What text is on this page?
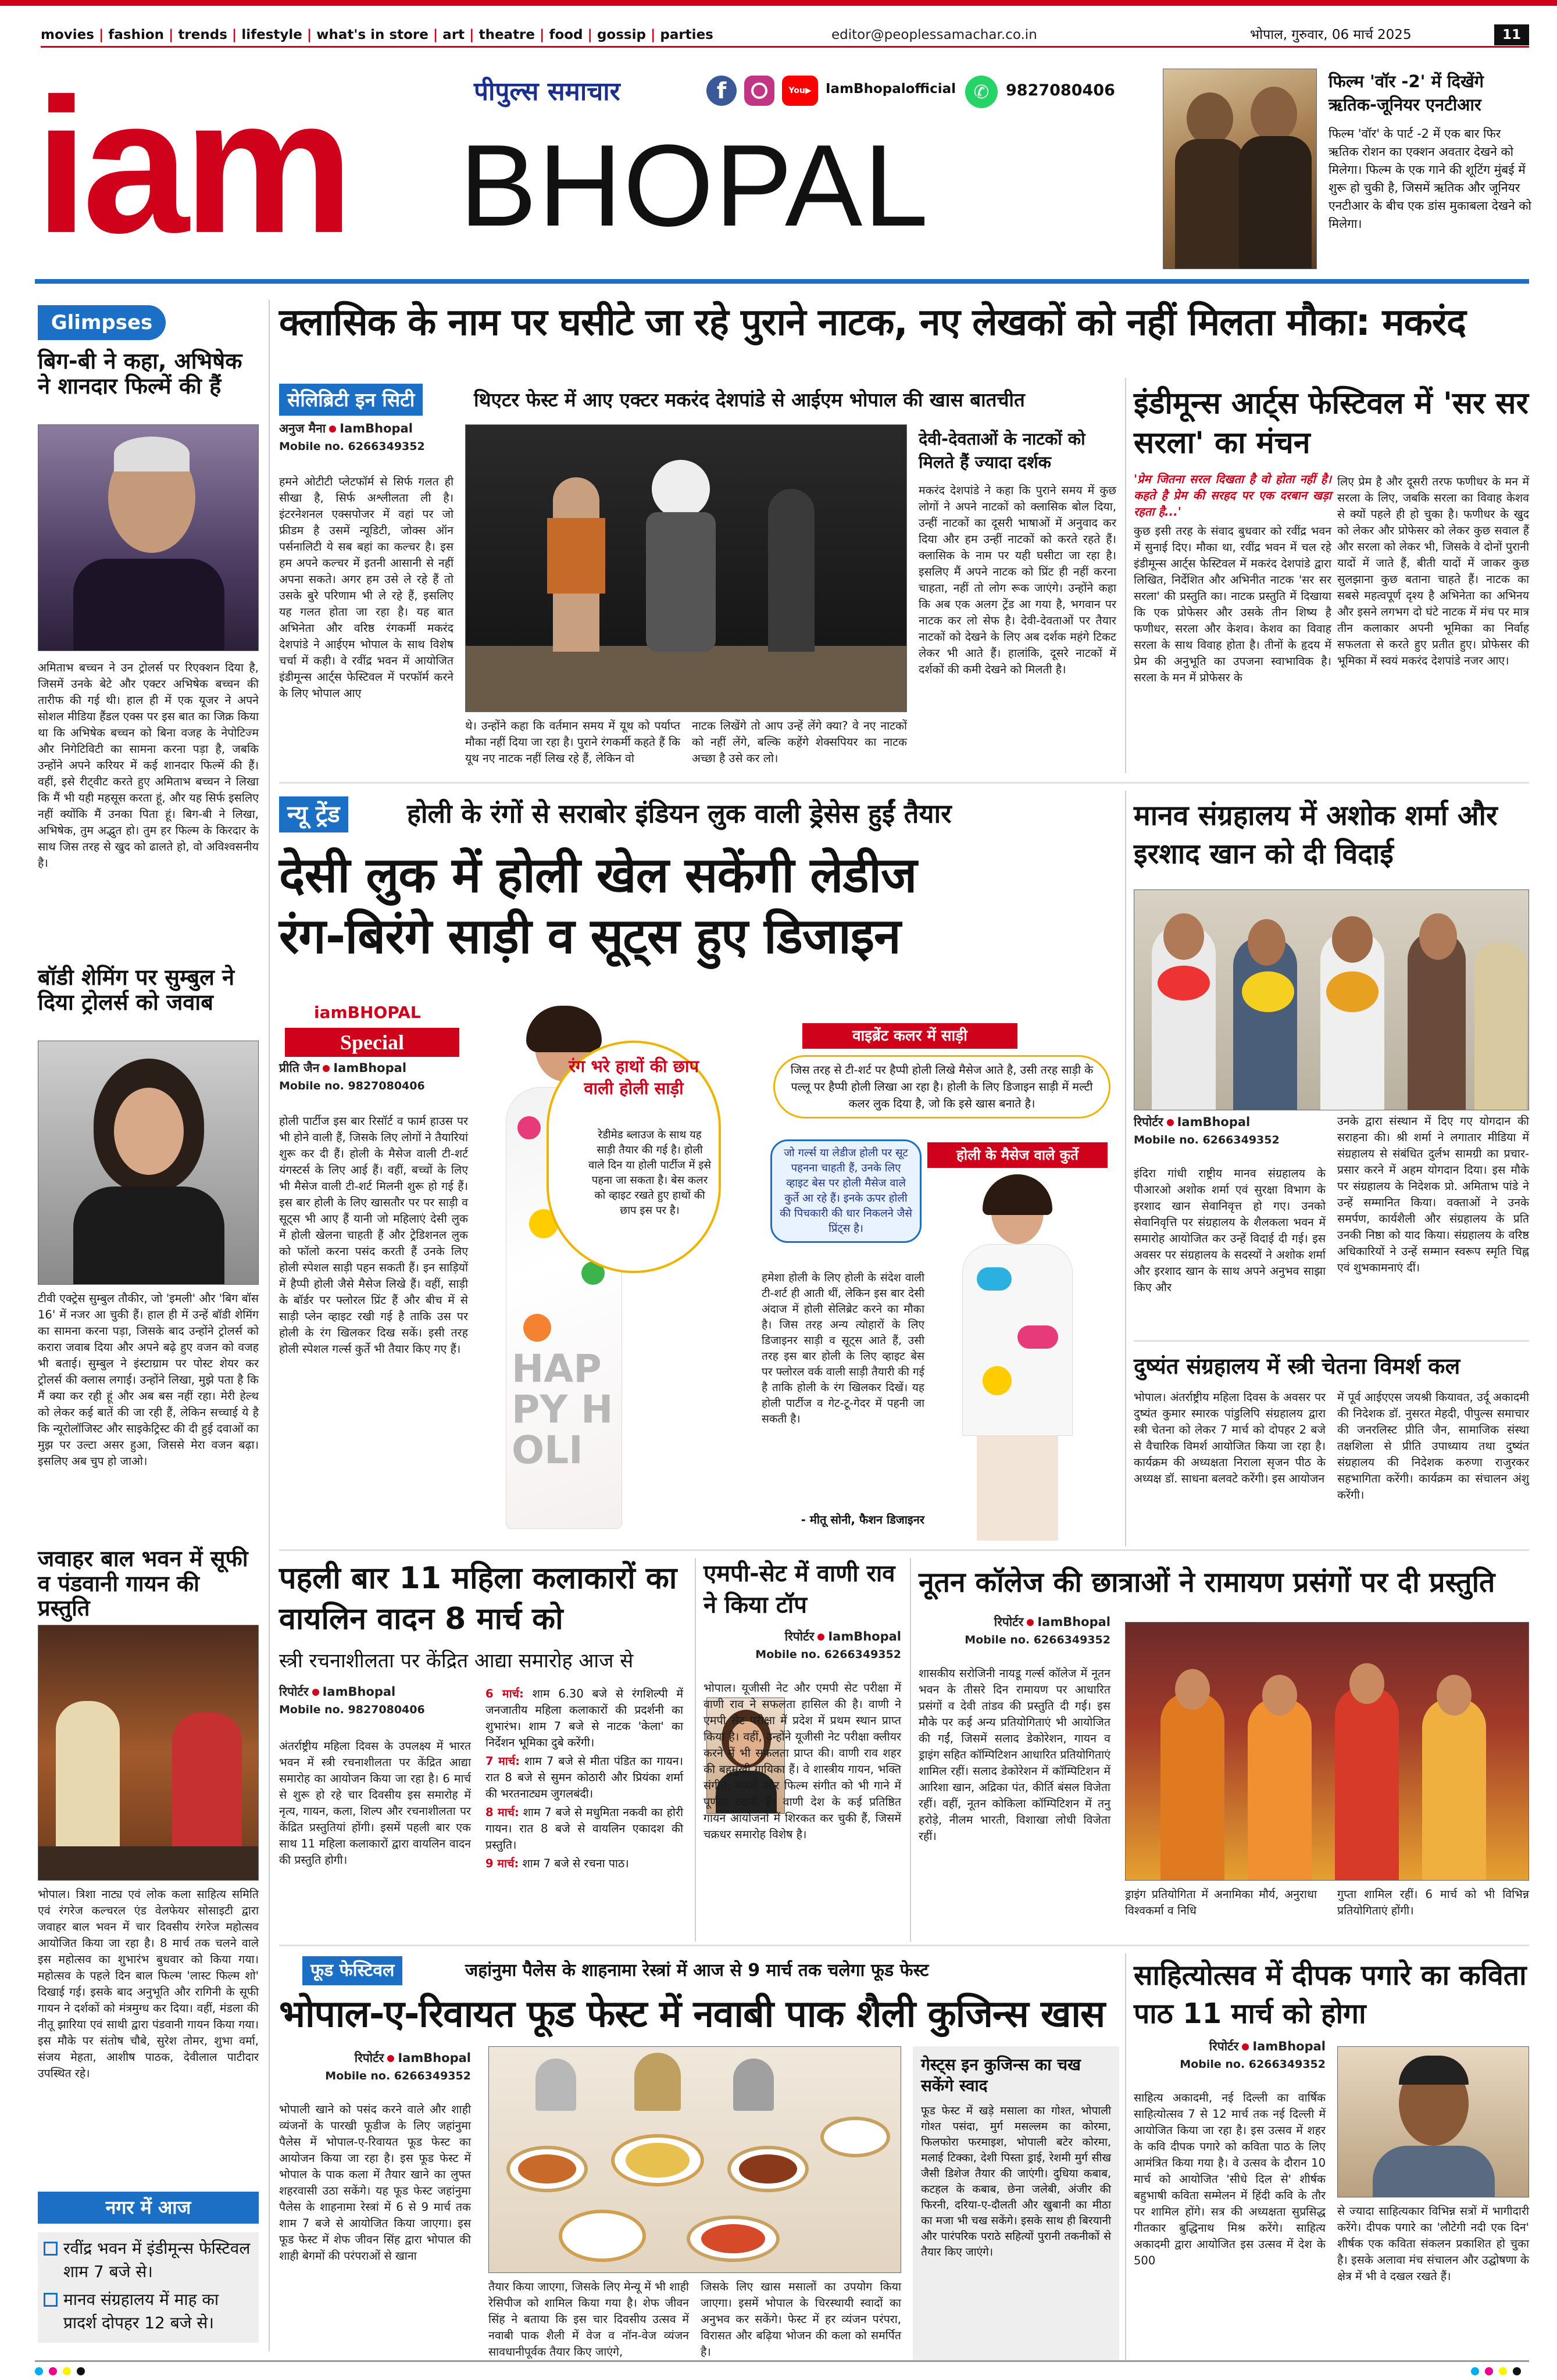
movies | fashion | trends | lifestyle | what's in store | art | theatre | food | gossip | parties	editor@peoplessamachar.co.in	भोपाल, गुरुवार, 06 मार्च 2025	11
iam BHOPAL
पीपुल्स समाचार	f	You▶	IamBhopalofficial ✆	9827080406	फिल्म 'वॉर -2' में दिखेंगे ऋतिक-जूनियर एनटीआर
फिल्म 'वॉर' के पार्ट -2 में एक बार फिर ऋतिक रोशन का एक्शन अवतार देखने को मिलेगा। फिल्म के एक गाने की शूटिंग मुंबई में शुरू हो चुकी है, जिसमें ऋतिक और जूनियर एनटीआर के बीच एक डांस मुकाबला देखने को मिलेगा।
Glimpses
बिग-बी ने कहा, अभिषेक ने शानदार फिल्में की हैं
अमिताभ बच्चन ने उन ट्रोलर्स पर रिएक्शन दिया है, जिसमें उनके बेटे और एक्टर अभिषेक बच्चन की तारीफ की गई थी। हाल ही में एक यूजर ने अपने सोशल मीडिया हैंडल एक्स पर इस बात का जिक्र किया था कि अभिषेक बच्चन को बिना वजह के नेपोटिज्म और निगेटिविटी का सामना करना पड़ा है, जबकि उन्होंने अपने करियर में कई शानदार फिल्में की हैं। वहीं, इसे रीट्वीट करते हुए अमिताभ बच्चन ने लिखा कि मैं भी यही महसूस करता हूं, और यह सिर्फ इसलिए नहीं क्योंकि मैं उनका पिता हूं। बिग-बी ने लिखा, अभिषेक, तुम अद्भुत हो। तुम हर फिल्म के किरदार के साथ जिस तरह से खुद को ढालते हो, वो अविश्वसनीय है।
बॉडी शेमिंग पर सुम्बुल ने दिया ट्रोलर्स को जवाब
टीवी एक्ट्रेस सुम्बुल तौकीर, जो 'इमली' और 'बिग बॉस 16' में नजर आ चुकी हैं। हाल ही में उन्हें बॉडी शेमिंग का सामना करना पड़ा, जिसके बाद उन्होंने ट्रोलर्स को करारा जवाब दिया और अपने बढ़े हुए वजन को वजह भी बताई। सुम्बुल ने इंस्टाग्राम पर पोस्ट शेयर कर ट्रोलर्स की क्लास लगाई। उन्होंने लिखा, मुझे पता है कि मैं क्या कर रही हूं और अब बस नहीं रहा। मेरी हेल्थ को लेकर कई बातें की जा रही हैं, लेकिन सच्चाई ये है कि न्यूरोलॉजिस्ट और साइकेट्रिस्ट की दी हुई दवाओं का मुझ पर उल्टा असर हुआ, जिससे मेरा वजन बढ़ा। इसलिए अब चुप हो जाओ।
जवाहर बाल भवन में सूफी व पंडवानी गायन की प्रस्तुति
भोपाल। त्रिशा नाट्य एवं लोक कला साहित्य समिति एवं रंगरेज कल्चरल एंड वेलफेयर सोसाइटी द्वारा जवाहर बाल भवन में चार दिवसीय रंगरेज महोत्सव आयोजित किया जा रहा है। 8 मार्च तक चलने वाले इस महोत्सव का शुभारंभ बुधवार को किया गया। महोत्सव के पहले दिन बाल फिल्म 'लास्ट फिल्म शो' दिखाई गई। इसके बाद अनुभूति और रागिनी के सूफी गायन ने दर्शकों को मंत्रमुग्ध कर दिया। वहीं, मंडला की नीतू झारिया एवं साथी द्वारा पंडवानी गायन किया गया। इस मौके पर संतोष चौबे, सुरेश तोमर, शुभा वर्मा, संजय मेहता, आशीष पाठक, देवीलाल पाटीदार उपस्थित रहे।
नगर में आज
रवींद्र भवन में इंडीमून्स फेस्टिवल शाम 7 बजे से।
मानव संग्रहालय में माह का प्रादर्श दोपहर 12 बजे से।
क्लासिक के नाम पर घसीटे जा रहे पुराने नाटक, नए लेखकों को नहीं मिलता मौका: मकरंद
सेलिब्रिटी इन सिटी	थिएटर फेस्ट में आए एक्टर मकरंद देशपांडे से आईएम भोपाल की खास बातचीत
अनुज मैना IamBhopal
Mobile no. 6266349352
हमने ओटीटी प्लेटफॉर्म से सिर्फ गलत ही सीखा है, सिर्फ अश्लीलता ली है। इंटरनेशनल एक्सपोजर में वहां पर जो फ्रीडम है उसमें न्यूडिटी, जोक्स ऑन पर्सनालिटी ये सब बहां का कल्चर है। इस हम अपने कल्चर में इतनी आसानी से नहीं अपना सकते। अगर हम उसे ले रहे हैं तो उसके बुरे परिणाम भी ले रहे हैं, इसलिए यह गलत होता जा रहा है। यह बात अभिनेता और वरिष्ठ रंगकर्मी मकरंद देशपांडे ने आईएम भोपाल के साथ विशेष चर्चा में कही। वे रवींद्र भवन में आयोजित इंडीमून्स आर्ट्स फेस्टिवल में परफॉर्म करने के लिए भोपाल आए
थे। उन्होंने कहा कि वर्तमान समय में यूथ को पर्याप्त मौका नहीं दिया जा रहा है। पुराने रंगकर्मी कहते हैं कि यूथ नए नाटक नहीं लिख रहे हैं, लेकिन वो
नाटक लिखेंगे तो आप उन्हें लेंगे क्या? वे नए नाटकों को नहीं लेंगे, बल्कि कहेंगे शेक्सपियर का नाटक अच्छा है उसे कर लो।
देवी-देवताओं के नाटकों को मिलते हैं ज्यादा दर्शक
मकरंद देशपांडे ने कहा कि पुराने समय में कुछ लोगों ने अपने नाटकों को क्लासिक बोल दिया, उन्हीं नाटकों का दूसरी भाषाओं में अनुवाद कर दिया और हम उन्हीं नाटकों को करते रहते हैं। क्लासिक के नाम पर यही घसीटा जा रहा है। इसलिए मैं अपने नाटक को प्रिंट ही नहीं करना चाहता, नहीं तो लोग रूक जाएंगे। उन्होंने कहा कि अब एक अलग ट्रेंड आ गया है, भगवान पर नाटक कर लो सेफ है। देवी-देवताओं पर तैयार नाटकों को देखने के लिए अब दर्शक महंगे टिकट लेकर भी आते हैं। हालांकि, दूसरे नाटकों में दर्शकों की कमी देखने को मिलती है।
इंडीमून्स आर्ट्स फेस्टिवल में 'सर सर सरला' का मंचन
'प्रेम जितना सरल दिखता है वो होता नहीं है। कहते है प्रेम की सरहद पर एक दरबान खड़ा रहता है...'
कुछ इसी तरह के संवाद बुधवार को रवींद्र भवन में सुनाई दिए। मौका था, रवींद्र भवन में चल रहे इंडीमून्स आर्ट्स फेस्टिवल में मकरंद देशपांडे द्वारा लिखित, निर्देशित और अभिनीत नाटक 'सर सर सरला' की प्रस्तुति का। नाटक प्रस्तुति में दिखाया कि एक प्रोफेसर और उसके तीन शिष्य है फणीधर, सरला और केशव। केशव का विवाह सरला के साथ विवाह होता है। तीनों के हृदय में प्रेम की अनुभूति का उपजना स्वाभाविक है। सरला के मन में प्रोफेसर के
लिए प्रेम है और दूसरी तरफ फणीधर के मन में सरला के लिए, जबकि सरला का विवाह केशव से क्यों पहले ही हो चुका है। फणीधर के खुद को लेकर और प्रोफेसर को लेकर कुछ सवाल हैं और सरला को लेकर भी, जिसके वे दोनों पुरानी यादों में जाते हैं, बीती यादों में जाकर कुछ सुलझाना कुछ बताना चाहते हैं। नाटक का सबसे महत्वपूर्ण दृश्य है अभिनेता का अभिनय और इसने लगभग दो घंटे नाटक में मंच पर मात्र तीन कलाकार अपनी भूमिका का निर्वाह सफलता से करते हुए प्रतीत हुए। प्रोफेसर की भूमिका में स्वयं मकरंद देशपांडे नजर आए।
न्यू ट्रेंड	होली के रंगों से सराबोर इंडियन लुक वाली ड्रेसेस हुईं तैयार
देसी लुक में होली खेल सकेंगी लेडीज
रंग-बिरंगे साड़ी व सूट्स हुए डिजाइन
iamBHOPAL
Special
प्रीति जैन IamBhopal
Mobile no. 9827080406
होली पार्टीज इस बार रिसॉर्ट व फार्म हाउस पर भी होने वाली हैं, जिसके लिए लोगों ने तैयारियां शुरू कर दी हैं। होली के मैसेज वाली टी-शर्ट यंगस्टर्स के लिए आई हैं। वहीं, बच्चों के लिए भी मैसेज वाली टी-शर्ट मिलनी शुरू हो गई हैं। इस बार होली के लिए खासतौर पर पर साड़ी व सूट्स भी आए हैं यानी जो महिलाएं देसी लुक में होली खेलना चाहती हैं और ट्रेडिशनल लुक को फॉलो करना पसंद करती हैं उनके लिए होली स्पेशल साड़ी पहन सकती हैं। इन साड़ियों में हैप्पी होली जैसे मैसेज लिखे हैं। वहीं, साड़ी के बॉर्डर पर फ्लोरल प्रिंट हैं और बीच में से साड़ी प्लेन व्हाइट रखी गई है ताकि उस पर होली के रंग खिलकर दिख सकें। इसी तरह होली स्पेशल गर्ल्स कुर्ते भी तैयार किए गए हैं। HAPPY HOLI
रंग भरे हाथों की छाप वाली होली साड़ी
रेडीमेड ब्लाउज के साथ यह साड़ी तैयार की गई है। होली वाले दिन या होली पार्टीज में इसे पहना जा सकता है। बेस कलर को व्हाइट रखते हुए हाथों की छाप इस पर है।
वाइब्रेंट कलर में साड़ी
जिस तरह से टी-शर्ट पर हैप्पी होली लिखे मैसेज आते है, उसी तरह साड़ी के पल्लू पर हैप्पी होली लिखा आ रहा है। होली के लिए डिजाइन साड़ी में मल्टी कलर लुक दिया है, जो कि इसे खास बनाते है।
जो गर्ल्स या लेडीज होली पर सूट पहनना चाहती हैं, उनके लिए व्हाइट बेस पर होली मैसेज वाले कुर्ते आ रहे हैं। इनके ऊपर होली की पिचकारी की धार निकलने जैसे प्रिंट्स है।
होली के मैसेज वाले कुर्ते
हमेशा होली के लिए होली के संदेश वाली टी-शर्ट ही आती थीं, लेकिन इस बार देसी अंदाज में होली सेलिब्रेट करने का मौका है। जिस तरह अन्य त्योहारों के लिए डिजाइनर साड़ी व सूट्स आते हैं, उसी तरह इस बार होली के लिए व्हाइट बेस पर फ्लोरल वर्क वाली साड़ी तैयारी की गई है ताकि होली के रंग खिलकर दिखें। यह होली पार्टीज व गेट-टू-गेदर में पहनी जा सकती है।
- मीतू सोनी, फैशन डिजाइनर
मानव संग्रहालय में अशोक शर्मा और इरशाद खान को दी विदाई
रिपोर्टर IamBhopal
Mobile no. 6266349352
इंदिरा गांधी राष्ट्रीय मानव संग्रहालय के पीआरओ अशोक शर्मा एवं सुरक्षा विभाग के इरशाद खान सेवानिवृत्त हो गए। उनको सेवानिवृत्ति पर संग्रहालय के शैलकला भवन में समारोह आयोजित कर उन्हें विदाई दी गई। इस अवसर पर संग्रहालय के सदस्यों ने अशोक शर्मा और इरशाद खान के साथ अपने अनुभव साझा किए और
उनके द्वारा संस्थान में दिए गए योगदान की सराहना की। श्री शर्मा ने लगातार मीडिया में संग्रहालय से संबंधित दुर्लभ सामग्री का प्रचार-प्रसार करने में अहम योगदान दिया। इस मौके पर संग्रहालय के निदेशक प्रो. अमिताभ पांडे ने उन्हें सम्मानित किया। वक्ताओं ने उनके समर्पण, कार्यशैली और संग्रहालय के प्रति उनकी निष्ठा को याद किया। संग्रहालय के वरिष्ठ अधिकारियों ने उन्हें सम्मान स्वरूप स्मृति चिह्न एवं शुभकामनाएं दीं।
दुष्यंत संग्रहालय में स्त्री चेतना विमर्श कल
भोपाल। अंतर्राष्ट्रीय महिला दिवस के अवसर पर दुष्यंत कुमार स्मारक पांडुलिपि संग्रहालय द्वारा स्त्री चेतना को लेकर 7 मार्च को दोपहर 2 बजे से वैचारिक विमर्श आयोजित किया जा रहा है। कार्यक्रम की अध्यक्षता निराला सृजन पीठ के अध्यक्ष डॉ. साधना बलवटे करेंगी। इस आयोजन
में पूर्व आईएएस जयश्री कियावत, उर्दू अकादमी की निदेशक डॉ. नुसरत मेहदी, पीपुल्स समाचार की जनरलिस्ट प्रीति जैन, सामाजिक संस्था तक्षशिला से प्रीति उपाध्याय तथा दुष्यंत संग्रहालय की निदेशक करुणा राजुरकर सहभागिता करेंगी। कार्यक्रम का संचालन अंशु करेंगी।
पहली बार 11 महिला कलाकारों का वायलिन वादन 8 मार्च को
स्त्री रचनाशीलता पर केंद्रित आद्या समारोह आज से
रिपोर्टर IamBhopal
Mobile no. 9827080406
अंतर्राष्ट्रीय महिला दिवस के उपलक्ष्य में भारत भवन में स्त्री रचनाशीलता पर केंद्रित आद्या समारोह का आयोजन किया जा रहा है। 6 मार्च से शुरू हो रहे चार दिवसीय इस समारोह में नृत्य, गायन, कला, शिल्प और रचनाशीलता पर केंद्रित प्रस्तुतियां होंगी। इसमें पहली बार एक साथ 11 महिला कलाकारों द्वारा वायलिन वादन की प्रस्तुति होगी।
6 मार्च: शाम 6.30 बजे से रंगशिल्पी में जनजातीय महिला कलाकारों की प्रदर्शनी का शुभारंभ। शाम 7 बजे से नाटक 'केला' का निर्देशन भूमिका दुबे करेंगी।
7 मार्च: शाम 7 बजे से मीता पंडित का गायन। रात 8 बजे से सुमन कोठारी और प्रियंका शर्मा की भरतनाट्यम जुगलबंदी।
8 मार्च: शाम 7 बजे से मधुमिता नकवी का होरी गायन। रात 8 बजे से वायलिन एकादश की प्रस्तुति।
9 मार्च: शाम 7 बजे से रचना पाठ।
एमपी-सेट में वाणी राव ने किया टॉप
रिपोर्टर IamBhopal
Mobile no. 6266349352
भोपाल। यूजीसी नेट और एमपी सेट परीक्षा में वाणी राव ने सफलता हासिल की है। वाणी ने एमपी सेट परीक्षा में प्रदेश में प्रथम स्थान प्राप्त किया है। वहीं, उन्होंने यूजीसी नेट परीक्षा क्लीयर करने में भी सफलता प्राप्त की। वाणी राव शहर की बहुमुखी गायिका हैं। वे शास्त्रीय गायन, भक्ति संगीत, गजलें और फिल्म संगीत को भी गाने में पूर्णता रखती हैं। वाणी देश के कई प्रतिष्ठित गायन आयोजनों में शिरकत कर चुकी हैं, जिसमें चक्रधर समारोह विशेष है।
नूतन कॉलेज की छात्राओं ने रामायण प्रसंगों पर दी प्रस्तुति
रिपोर्टर IamBhopal
Mobile no. 6266349352
शासकीय सरोजिनी नायडू गर्ल्स कॉलेज में नूतन भवन के तीसरे दिन रामायण पर आधारित प्रसंगों व देवी तांडव की प्रस्तुति दी गई। इस मौके पर कई अन्य प्रतियोगिताएं भी आयोजित की गईं, जिसमें सलाद डेकोरेशन, गायन व ड्राइंग सहित कॉम्पिटिशन आधारित प्रतियोगिताएं शामिल रहीं। सलाद डेकोरेशन में कॉम्पिटिशन में आरिशा खान, अद्रिका पंत, कीर्ति बंसल विजेता रहीं। वहीं, नूतन कोकिला कॉम्पिटिशन में तनु हरोड़े, नीलम भारती, विशाखा लोधी विजेता रहीं।
ड्राइंग प्रतियोगिता में अनामिका मौर्य, अनुराधा विश्वकर्मा व निधि
गुप्ता शामिल रहीं। 6 मार्च को भी विभिन्न प्रतियोगिताएं होंगी।
फूड फेस्टिवल	जहांनुमा पैलेस के शाहनामा रेस्त्रां में आज से 9 मार्च तक चलेगा फूड फेस्ट
भोपाल-ए-रिवायत फूड फेस्ट में नवाबी पाक शैली कुजिन्स खास
रिपोर्टर IamBhopal
Mobile no. 6266349352
भोपाली खाने को पसंद करने वाले और शाही व्यंजनों के पारखी फूडीज के लिए जहांनुमा पैलेस में भोपाल-ए-रिवायत फूड फेस्ट का आयोजन किया जा रहा है। इस फूड फेस्ट में भोपाल के पाक कला में तैयार खाने का लुफ्त शहरवासी उठा सकेंगे। यह फूड फेस्ट जहांनुमा पैलेस के शाहनामा रेस्त्रां में 6 से 9 मार्च तक शाम 7 बजे से आयोजित किया जाएगा। इस फूड फेस्ट में शेफ जीवन सिंह द्वारा भोपाल की शाही बेगमों की परंपराओं से खाना
तैयार किया जाएगा, जिसके लिए मेन्यू में भी शाही रेसिपीज को शामिल किया गया है। शेफ जीवन सिंह ने बताया कि इस चार दिवसीय उत्सव में नवाबी पाक शैली में वेज व नॉन-वेज व्यंजन सावधानीपूर्वक तैयार किए जाएंगे,
जिसके लिए खास मसालों का उपयोग किया जाएगा। इसमें भोपाल के चिरस्थायी स्वादों का अनुभव कर सकेंगे। फेस्ट में हर व्यंजन परंपरा, विरासत और बढ़िया भोजन की कला को समर्पित है।
गेस्ट्स इन कुजिन्स का चख सकेंगे स्वाद
फूड फेस्ट में खड़े मसाला का गोश्त, भोपाली गोश्त पसंदा, मुर्ग मसल्लम का कोरमा, फिलफोरा फरमाइश, भोपाली बटेर कोरमा, मलाई टिक्का, देशी पिस्ता ड्राई, रेशमी मुर्ग सीख जैसी डिशेज तैयार की जाएंगी। दुधिया कबाब, कटहल के कबाब, छेना जलेबी, अंजीर की फिरनी, दरिया-ए-दौलती और खुबानी का मीठा का मजा भी चख सकेंगे। इसके साथ ही बिरयानी और पारंपरिक पराठे सहित्यों पुरानी तकनीकों से तैयार किए जाएंगे।
साहित्योत्सव में दीपक पगारे का कविता पाठ 11 मार्च को होगा
रिपोर्टर IamBhopal
Mobile no. 6266349352
साहित्य अकादमी, नई दिल्ली का वार्षिक साहित्योत्सव 7 से 12 मार्च तक नई दिल्ली में आयोजित किया जा रहा है। इस उत्सव में शहर के कवि दीपक पगारे को कविता पाठ के लिए आमंत्रित किया गया है। वे उत्सव के दौरान 10 मार्च को आयोजित 'सीधे दिल से' शीर्षक बहुभाषी कविता सम्मेलन में हिंदी कवि के तौर पर शामिल होंगे। सत्र की अध्यक्षता सुप्रसिद्ध गीतकार बुद्धिनाथ मिश्र करेंगे। साहित्य अकादमी द्वारा आयोजित इस उत्सव में देश के 500
से ज्यादा साहित्यकार विभिन्न सत्रों में भागीदारी करेंगे। दीपक पगारे का 'लौटेगी नदी एक दिन' शीर्षक एक कविता संकलन प्रकाशित हो चुका है। इसके अलावा मंच संचालन और उद्घोषणा के क्षेत्र में भी वे दखल रखते हैं।
